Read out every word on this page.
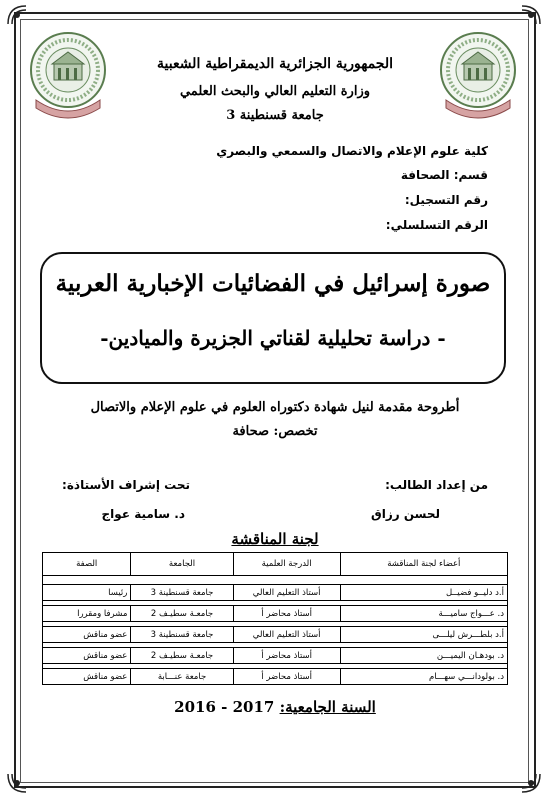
الجمهورية الجزائرية الديمقراطية الشعبية
وزارة التعليم العالي والبحث العلمي
جامعة قسنطينة 3
كلية علوم الإعلام والاتصال والسمعي والبصري
قسم: الصحافة
رقم التسجيل:
الرقم التسلسلي:
صورة إسرائيل في الفضائيات الإخبارية العربية
- دراسة تحليلية لقناتي الجزيرة والميادين-
أطروحة مقدمة لنيل شهادة دكتوراه العلوم في علوم الإعلام والاتصال
تخصص: صحافة
من إعداد الطالب:
لحسن رزاق
تحت إشراف الأستاذة:
د. سامية عواج
لجنة المناقشة
أعضاء لجنة المناقشة	الدرجة العلمية	الجامعة	الصفة

أ.د دليــو فضيــل	أستاذ التعليم العالي	جامعة قسنطينة 3	رئيسا

د. عـــواج ساميـــة	أستاذ محاضر أ	جامعـة سطيـف 2	مشرفا ومقررا

أ.د بلطـــرش ليلـــى	أستاذ التعليم العالي	جامعة قسنطينة 3	عضو مناقش

د. بودهـان اليميـــن	أستاذ محاضر أ	جامعـة سطيـف 2	عضو مناقش

د. بولودانـــي سهـــام	أستاذ محاضر أ	جامعة عنـــابة	عضو مناقش
السنة الجامعية: 2016 - 2017
